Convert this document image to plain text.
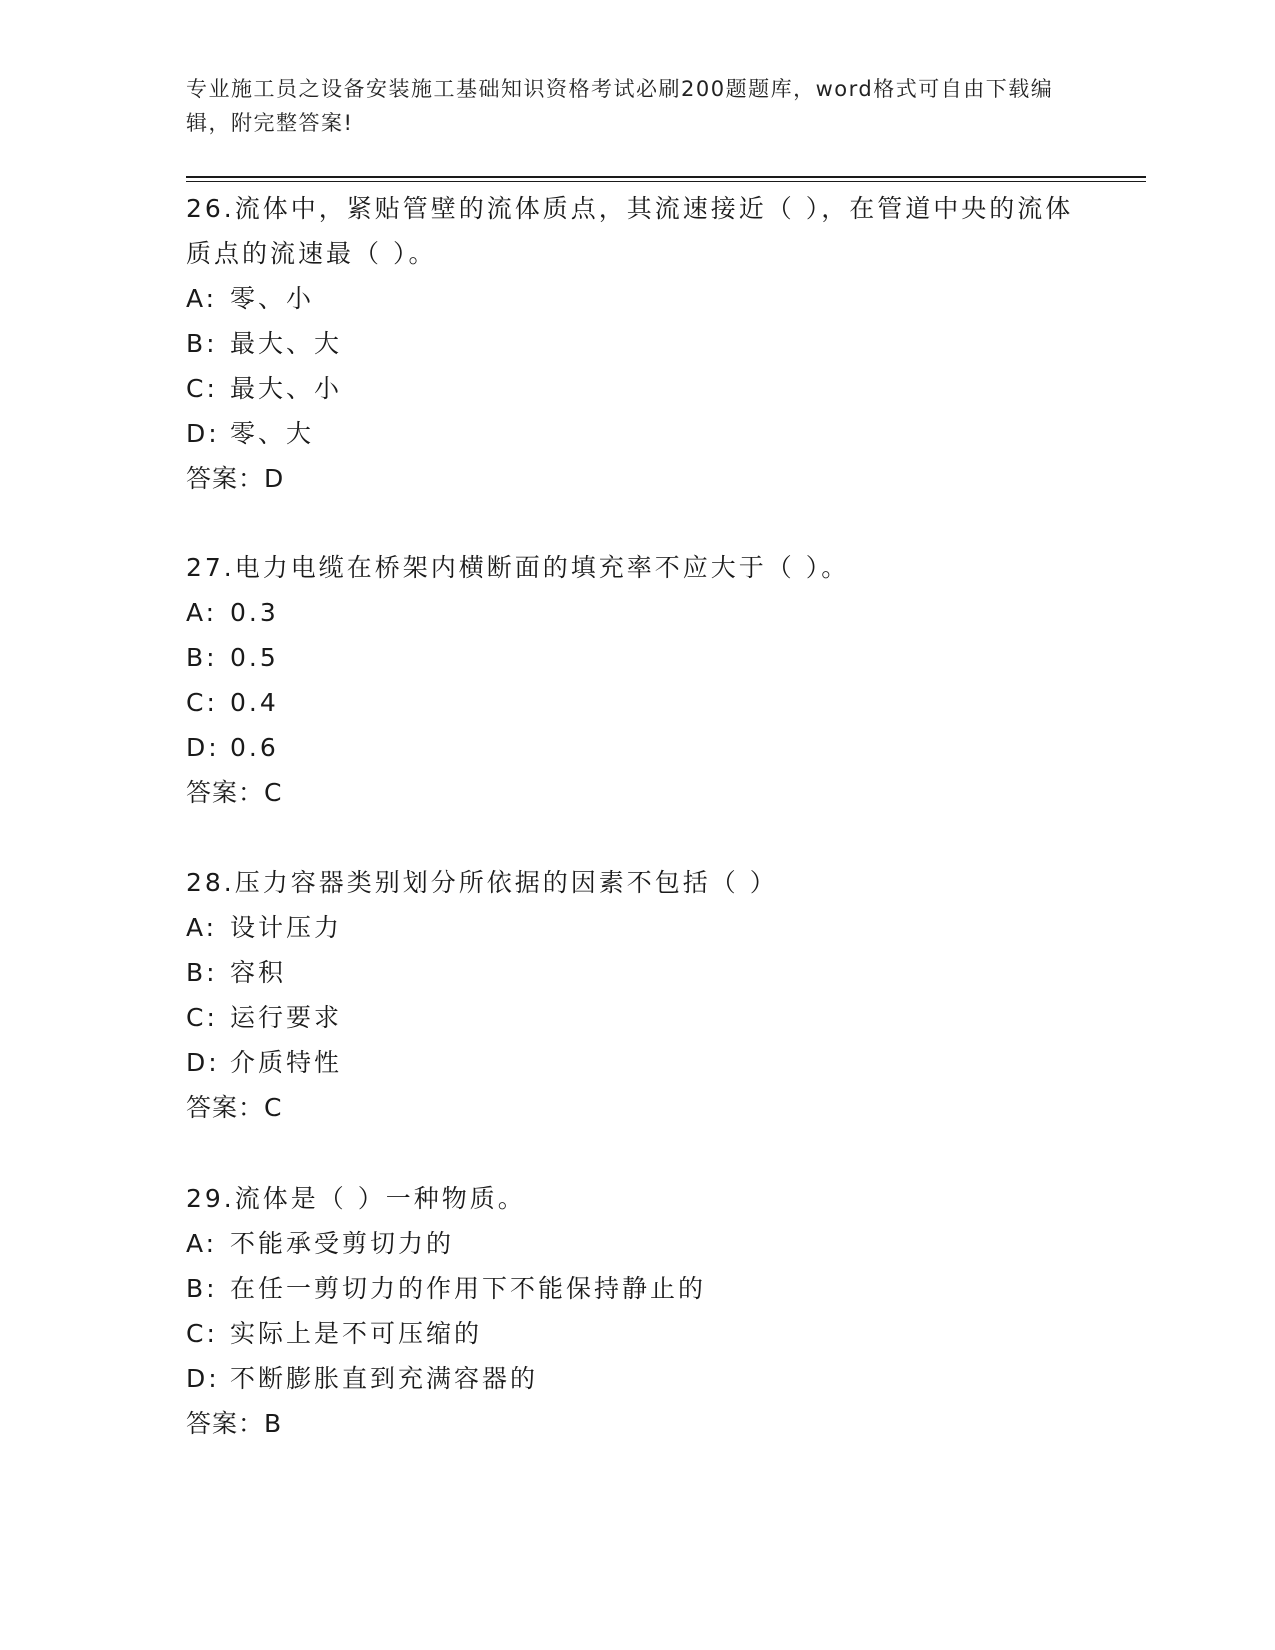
专业施工员之设备安装施工基础知识资格考试必刷200题题库，word格式可自由下载编辑，附完整答案!
26.流体中，紧贴管壁的流体质点，其流速接近（ ），在管道中央的流体质点的流速最（ ）。
A: 零、小
B: 最大、大
C: 最大、小
D: 零、大
答案：D
27.电力电缆在桥架内横断面的填充率不应大于（ ）。
A: 0.3
B: 0.5
C: 0.4
D: 0.6
答案：C
28.压力容器类别划分所依据的因素不包括（ ）
A: 设计压力
B: 容积
C: 运行要求
D: 介质特性
答案：C
29.流体是（ ）一种物质。
A: 不能承受剪切力的
B: 在任一剪切力的作用下不能保持静止的
C: 实际上是不可压缩的
D: 不断膨胀直到充满容器的
答案：B
